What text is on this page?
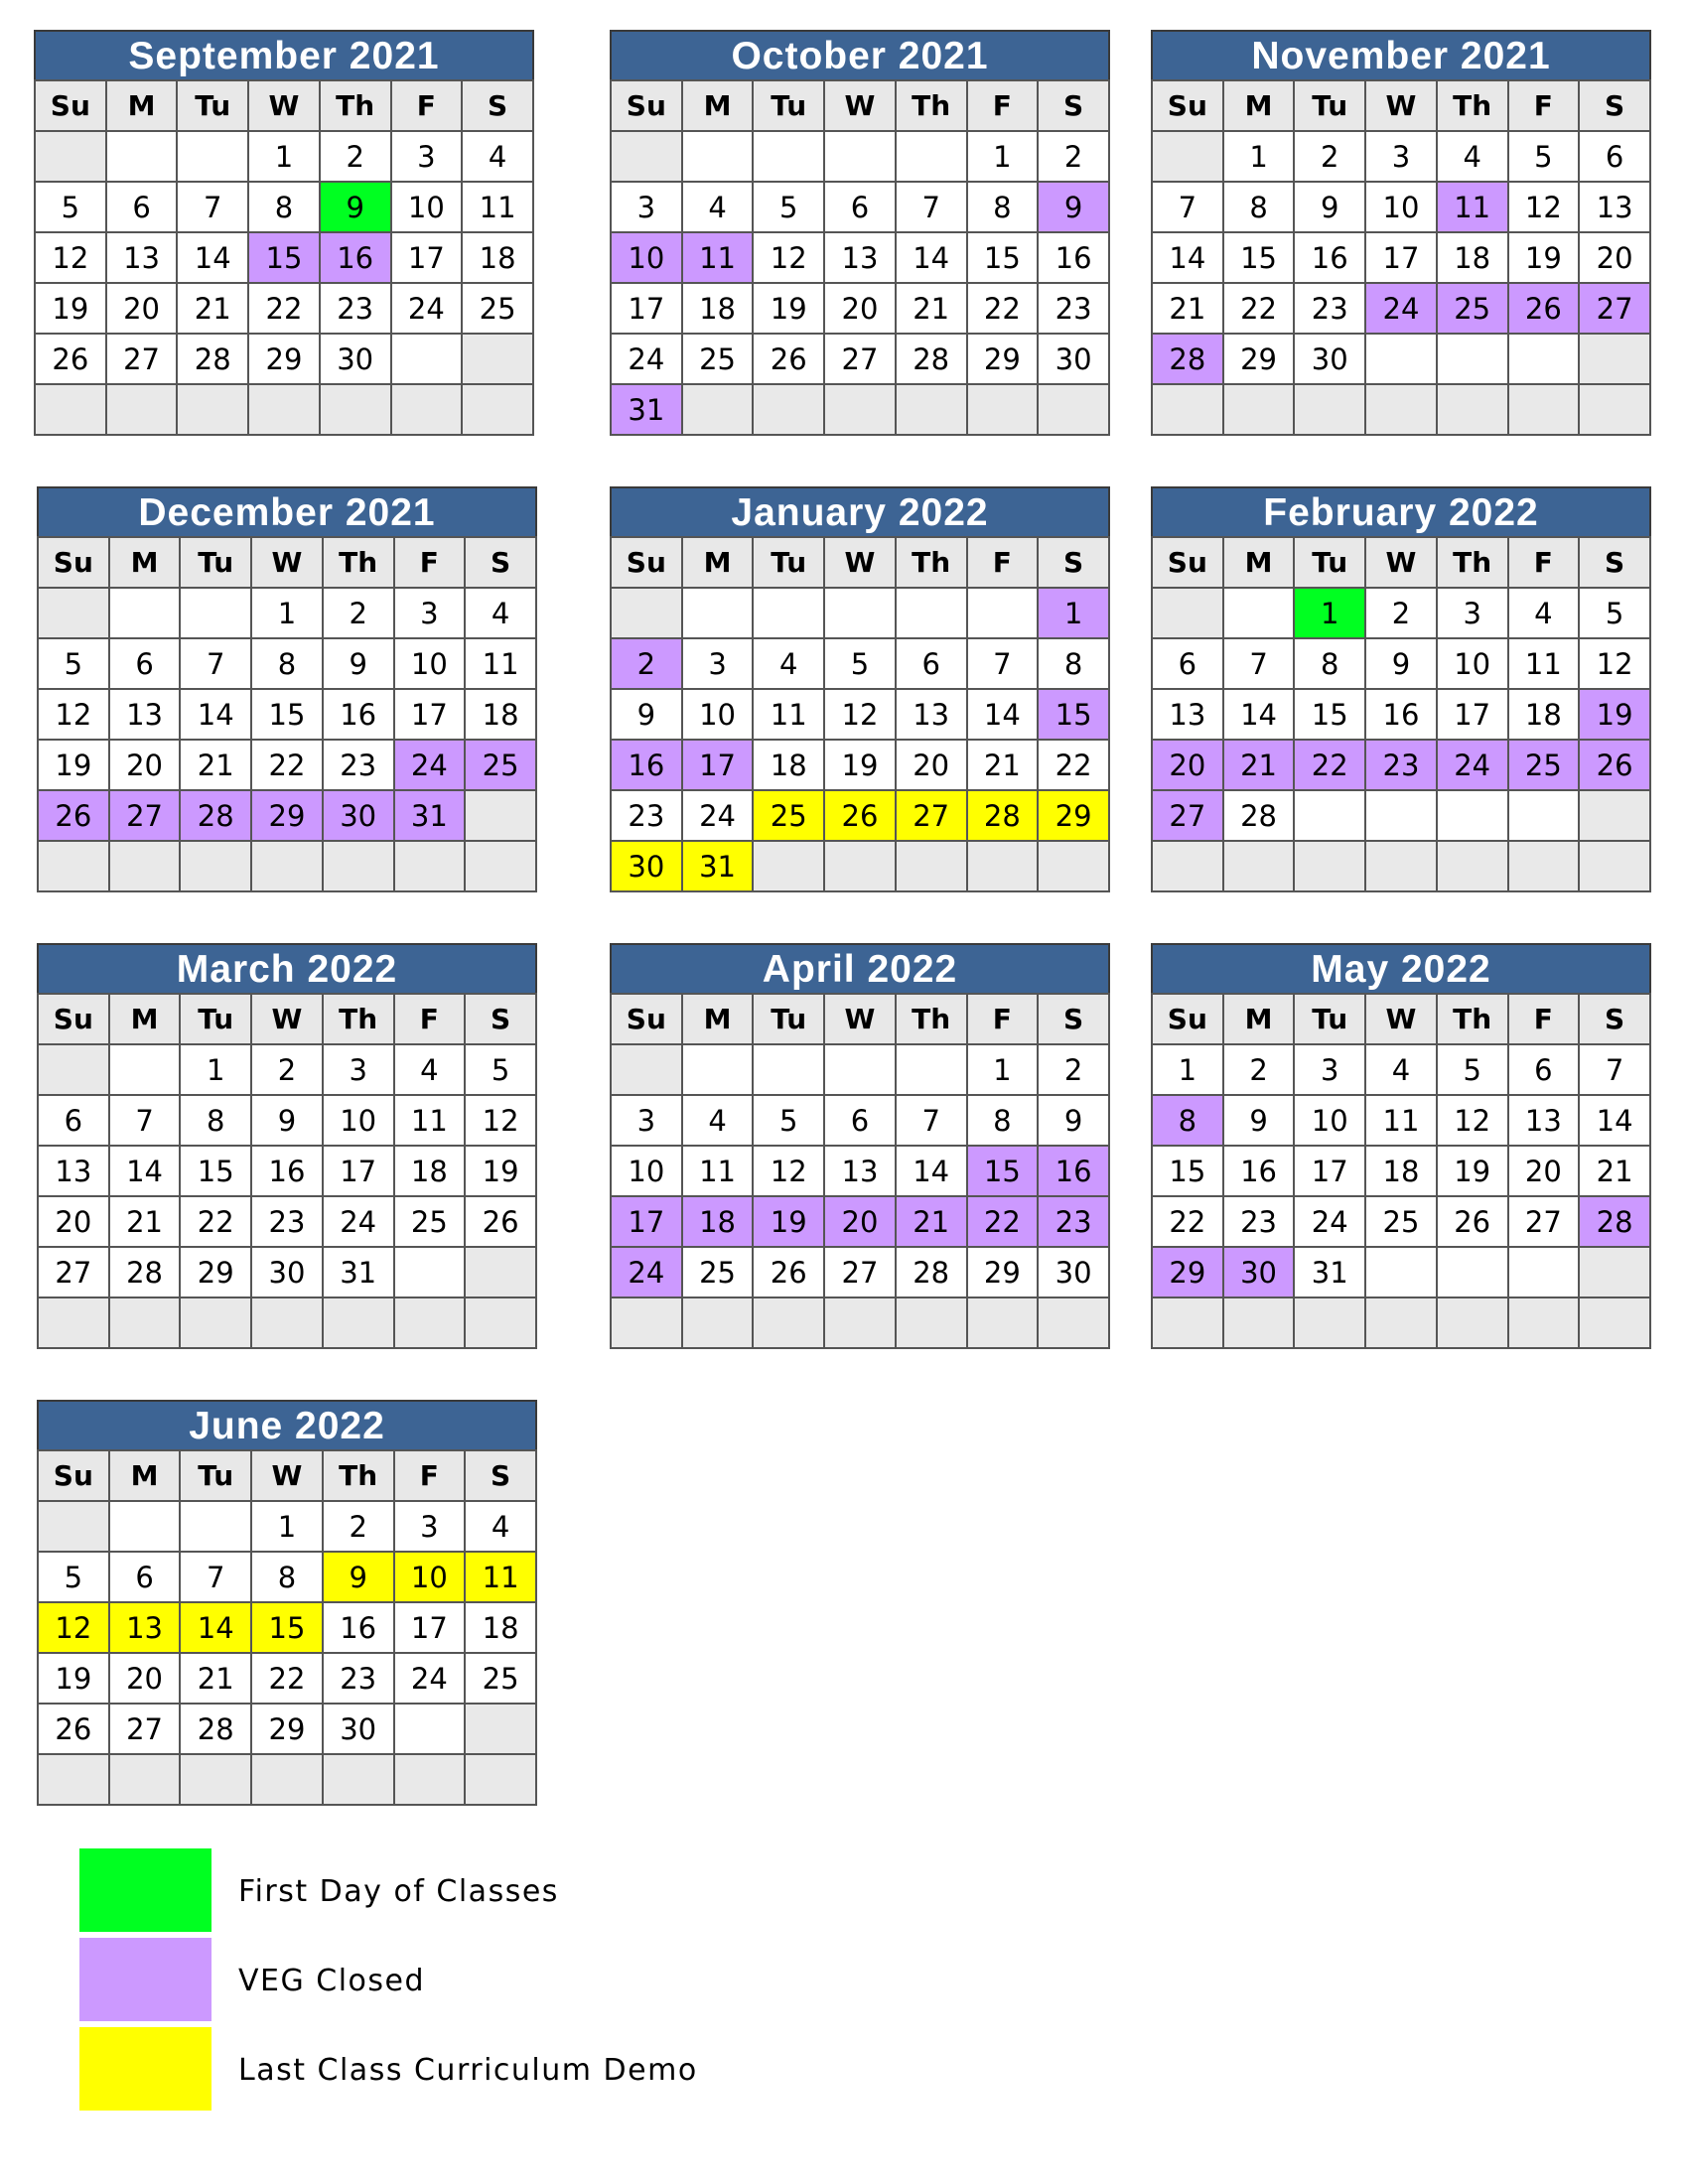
September 2021
Su	M	Tu	W	Th	F	S
			1	2	3	4
5	6	7	8	9	10	11
12	13	14	15	16	17	18
19	20	21	22	23	24	25
26	27	28	29	30		

October 2021
Su	M	Tu	W	Th	F	S
					1	2
3	4	5	6	7	8	9
10	11	12	13	14	15	16
17	18	19	20	21	22	23
24	25	26	27	28	29	30
31						
November 2021
Su	M	Tu	W	Th	F	S
	1	2	3	4	5	6
7	8	9	10	11	12	13
14	15	16	17	18	19	20
21	22	23	24	25	26	27
28	29	30				

December 2021
Su	M	Tu	W	Th	F	S
			1	2	3	4
5	6	7	8	9	10	11
12	13	14	15	16	17	18
19	20	21	22	23	24	25
26	27	28	29	30	31	

January 2022
Su	M	Tu	W	Th	F	S
						1
2	3	4	5	6	7	8
9	10	11	12	13	14	15
16	17	18	19	20	21	22
23	24	25	26	27	28	29
30	31					
February 2022
Su	M	Tu	W	Th	F	S
		1	2	3	4	5
6	7	8	9	10	11	12
13	14	15	16	17	18	19
20	21	22	23	24	25	26
27	28					

March 2022
Su	M	Tu	W	Th	F	S
		1	2	3	4	5
6	7	8	9	10	11	12
13	14	15	16	17	18	19
20	21	22	23	24	25	26
27	28	29	30	31		

April 2022
Su	M	Tu	W	Th	F	S
					1	2
3	4	5	6	7	8	9
10	11	12	13	14	15	16
17	18	19	20	21	22	23
24	25	26	27	28	29	30

May 2022
Su	M	Tu	W	Th	F	S
1	2	3	4	5	6	7
8	9	10	11	12	13	14
15	16	17	18	19	20	21
22	23	24	25	26	27	28
29	30	31				

June 2022
Su	M	Tu	W	Th	F	S
			1	2	3	4
5	6	7	8	9	10	11
12	13	14	15	16	17	18
19	20	21	22	23	24	25
26	27	28	29	30		

First Day of Classes
VEG Closed
Last Class Curriculum Demo
